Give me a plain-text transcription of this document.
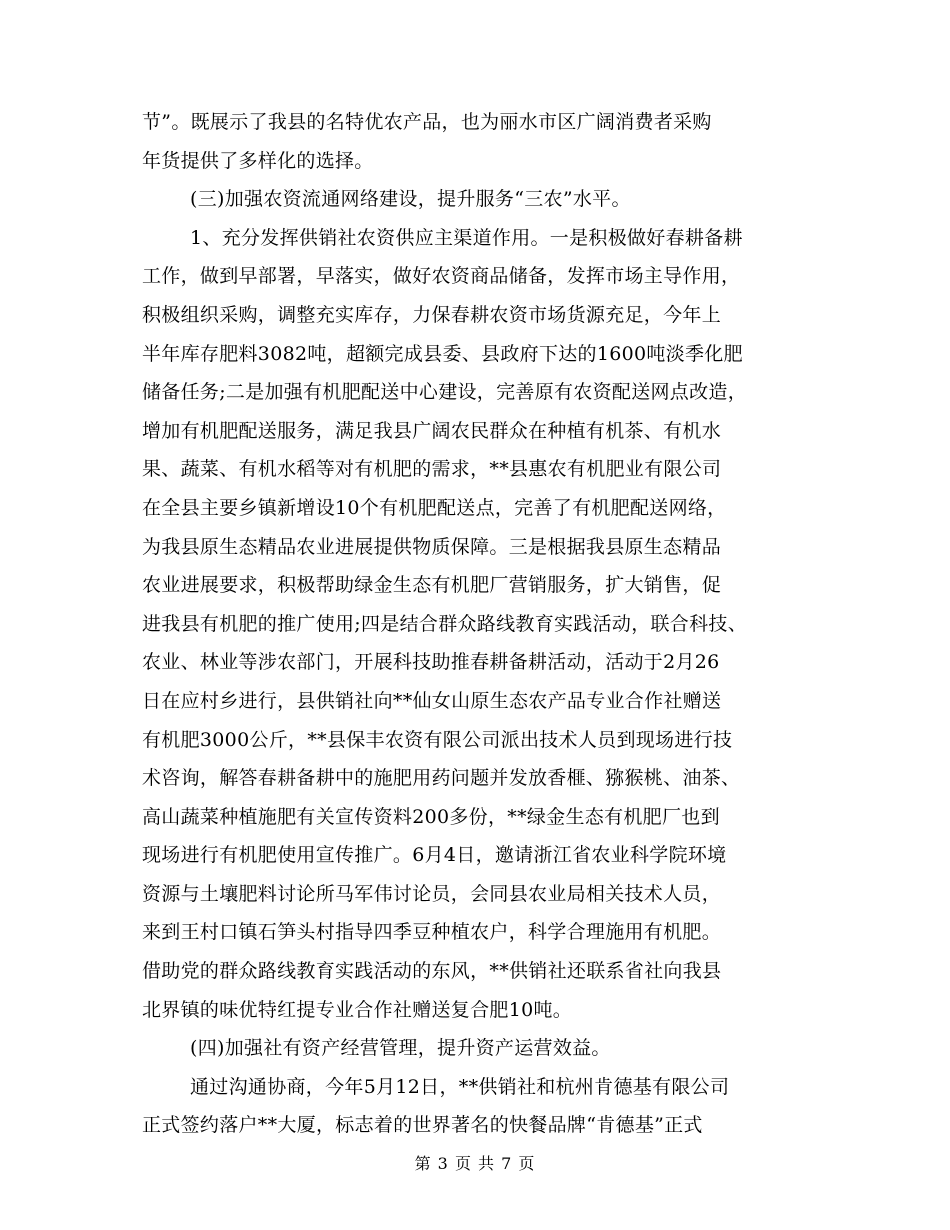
节”。既展示了我县的名特优农产品，也为丽水市区广阔消费者采购
年货提供了多样化的选择。
(三)加强农资流通网络建设，提升服务“三农”水平。
1、充分发挥供销社农资供应主渠道作用。一是积极做好春耕备耕
工作，做到早部署，早落实，做好农资商品储备，发挥市场主导作用，
积极组织采购，调整充实库存，力保春耕农资市场货源充足，今年上
半年库存肥料3082吨，超额完成县委、县政府下达的1600吨淡季化肥
储备任务;二是加强有机肥配送中心建设，完善原有农资配送网点改造，
增加有机肥配送服务，满足我县广阔农民群众在种植有机茶、有机水
果、蔬菜、有机水稻等对有机肥的需求，**县惠农有机肥业有限公司
在全县主要乡镇新增设10个有机肥配送点，完善了有机肥配送网络，
为我县原生态精品农业进展提供物质保障。三是根据我县原生态精品
农业进展要求，积极帮助绿金生态有机肥厂营销服务，扩大销售，促
进我县有机肥的推广使用;四是结合群众路线教育实践活动，联合科技、
农业、林业等涉农部门，开展科技助推春耕备耕活动，活动于2月26
日在应村乡进行，县供销社向**仙女山原生态农产品专业合作社赠送
有机肥3000公斤，**县保丰农资有限公司派出技术人员到现场进行技
术咨询，解答春耕备耕中的施肥用药问题并发放香榧、猕猴桃、油茶、
高山蔬菜种植施肥有关宣传资料200多份，**绿金生态有机肥厂也到
现场进行有机肥使用宣传推广。6月4日，邀请浙江省农业科学院环境
资源与土壤肥料讨论所马军伟讨论员，会同县农业局相关技术人员，
来到王村口镇石笋头村指导四季豆种植农户，科学合理施用有机肥。
借助党的群众路线教育实践活动的东风，**供销社还联系省社向我县
北界镇的味优特红提专业合作社赠送复合肥10吨。
(四)加强社有资产经营管理，提升资产运营效益。
通过沟通协商，今年5月12日，**供销社和杭州肯德基有限公司
正式签约落户**大厦，标志着的世界著名的快餐品牌“肯德基”正式
第 3 页 共 7 页
